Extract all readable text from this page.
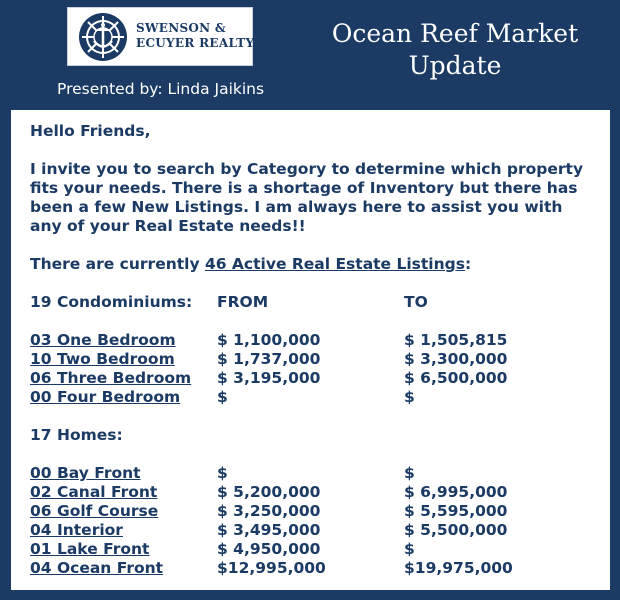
SWENSON &
ECUYER REALTY
Presented by: Linda Jaikins
Ocean Reef Market
Update

Hello Friends,

I invite you to search by Category to determine which property fits your needs. There is a shortage of Inventory but there has been a few New Listings. I am always here to assist you with any of your Real Estate needs!!

There are currently 46 Active Real Estate Listings:

19 Condominiums:	FROM	TO
03 One Bedroom	$ 1,100,000	$ 1,505,815
10 Two Bedroom	$ 1,737,000	$ 3,300,000
06 Three Bedroom	$ 3,195,000	$ 6,500,000
00 Four Bedroom	$	$
17 Homes:
00 Bay Front	$	$
02 Canal Front	$ 5,200,000	$ 6,995,000
06 Golf Course	$ 3,250,000	$ 5,595,000
04 Interior	$ 3,495,000	$ 5,500,000
01 Lake Front	$ 4,950,000	$
04 Ocean Front	$12,995,000	$19,975,000
